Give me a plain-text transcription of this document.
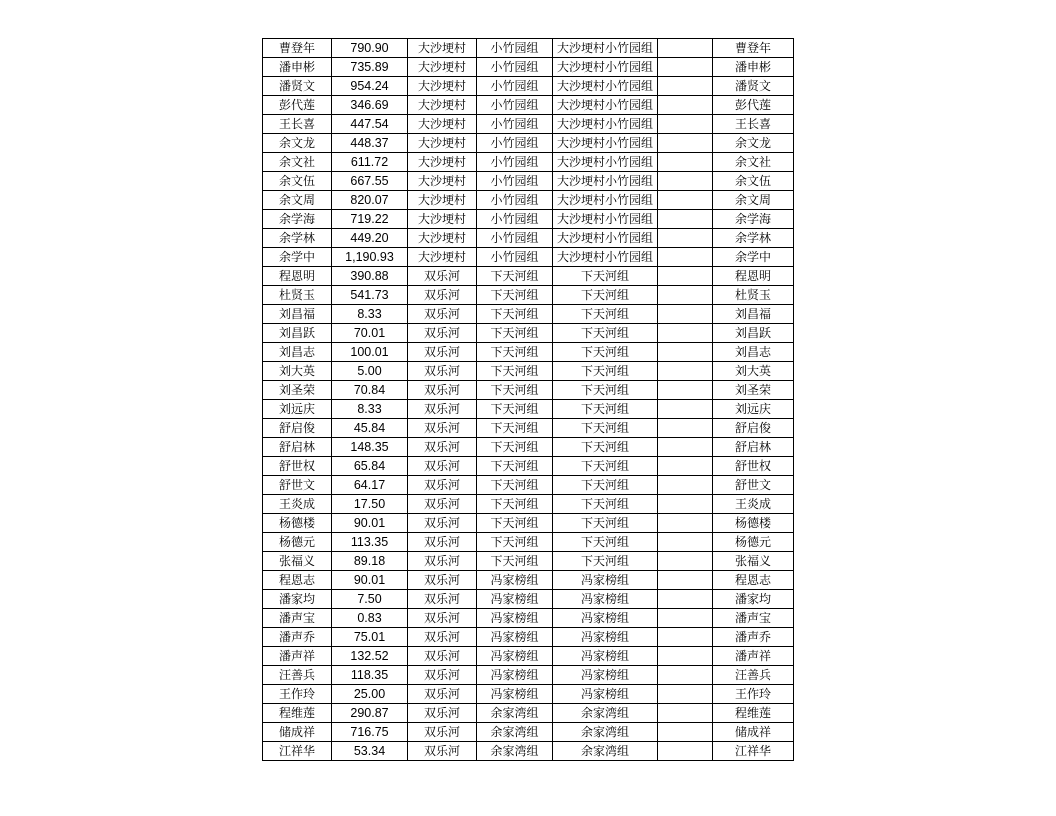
曹登年	790.90	大沙埂村	小竹园组	大沙埂村小竹园组		曹登年
潘申彬	735.89	大沙埂村	小竹园组	大沙埂村小竹园组		潘申彬
潘贤文	954.24	大沙埂村	小竹园组	大沙埂村小竹园组		潘贤文
彭代莲	346.69	大沙埂村	小竹园组	大沙埂村小竹园组		彭代莲
王长喜	447.54	大沙埂村	小竹园组	大沙埂村小竹园组		王长喜
余文龙	448.37	大沙埂村	小竹园组	大沙埂村小竹园组		余文龙
余文社	611.72	大沙埂村	小竹园组	大沙埂村小竹园组		余文社
余文伍	667.55	大沙埂村	小竹园组	大沙埂村小竹园组		余文伍
余文周	820.07	大沙埂村	小竹园组	大沙埂村小竹园组		余文周
余学海	719.22	大沙埂村	小竹园组	大沙埂村小竹园组		余学海
余学林	449.20	大沙埂村	小竹园组	大沙埂村小竹园组		余学林
余学中	1,190.93	大沙埂村	小竹园组	大沙埂村小竹园组		余学中
程恩明	390.88	双乐河	下天河组	下天河组		程恩明
杜贤玉	541.73	双乐河	下天河组	下天河组		杜贤玉
刘昌福	8.33	双乐河	下天河组	下天河组		刘昌福
刘昌跃	70.01	双乐河	下天河组	下天河组		刘昌跃
刘昌志	100.01	双乐河	下天河组	下天河组		刘昌志
刘大英	5.00	双乐河	下天河组	下天河组		刘大英
刘圣荣	70.84	双乐河	下天河组	下天河组		刘圣荣
刘远庆	8.33	双乐河	下天河组	下天河组		刘远庆
舒启俊	45.84	双乐河	下天河组	下天河组		舒启俊
舒启林	148.35	双乐河	下天河组	下天河组		舒启林
舒世权	65.84	双乐河	下天河组	下天河组		舒世权
舒世文	64.17	双乐河	下天河组	下天河组		舒世文
王炎成	17.50	双乐河	下天河组	下天河组		王炎成
杨德楼	90.01	双乐河	下天河组	下天河组		杨德楼
杨德元	113.35	双乐河	下天河组	下天河组		杨德元
张福义	89.18	双乐河	下天河组	下天河组		张福义
程恩志	90.01	双乐河	冯家榜组	冯家榜组		程恩志
潘家均	7.50	双乐河	冯家榜组	冯家榜组		潘家均
潘声宝	0.83	双乐河	冯家榜组	冯家榜组		潘声宝
潘声乔	75.01	双乐河	冯家榜组	冯家榜组		潘声乔
潘声祥	132.52	双乐河	冯家榜组	冯家榜组		潘声祥
汪善兵	118.35	双乐河	冯家榜组	冯家榜组		汪善兵
王作玲	25.00	双乐河	冯家榜组	冯家榜组		王作玲
程维莲	290.87	双乐河	余家湾组	余家湾组		程维莲
储成祥	716.75	双乐河	余家湾组	余家湾组		储成祥
江祥华	53.34	双乐河	余家湾组	余家湾组		江祥华
